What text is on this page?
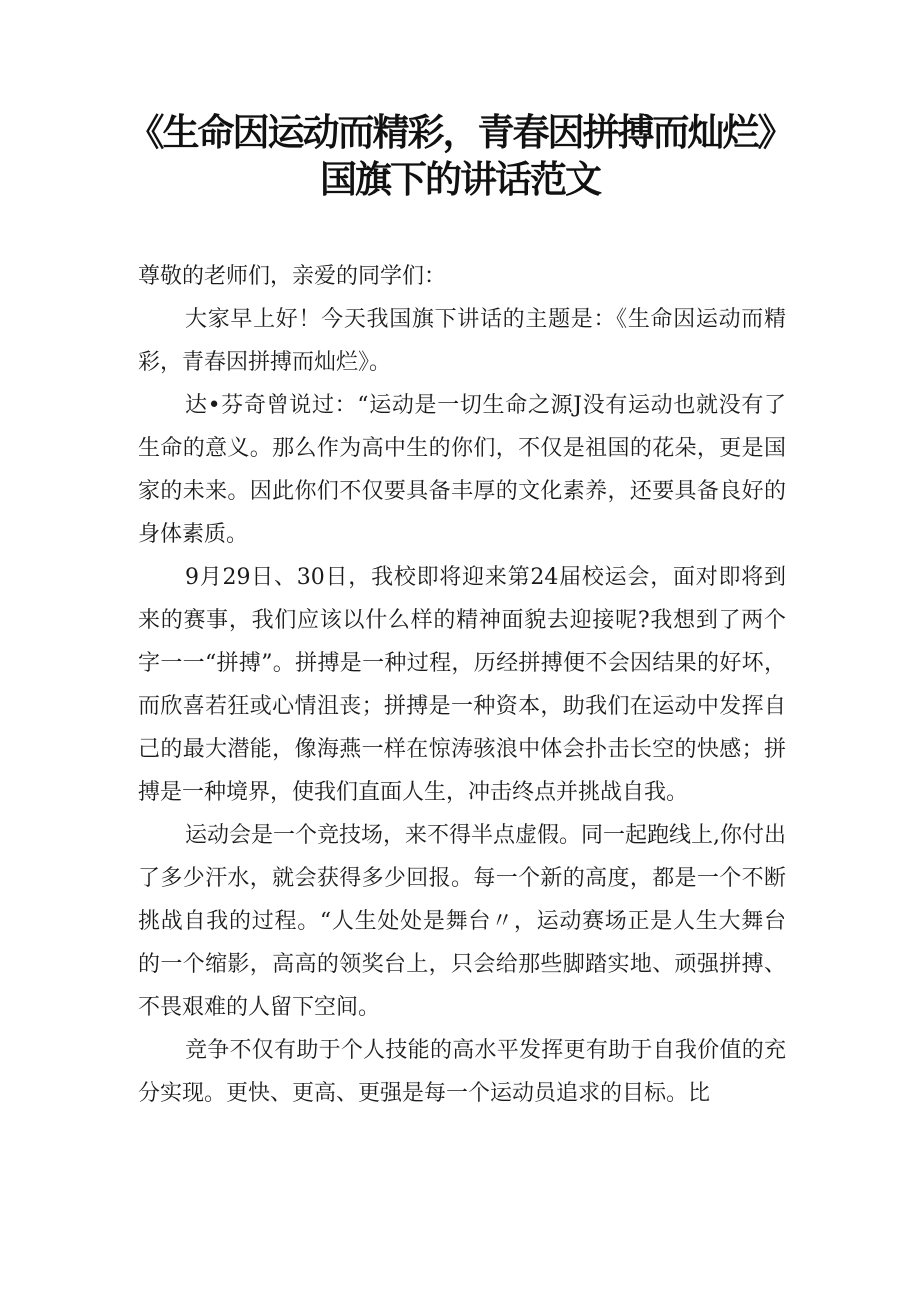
《生命因运动而精彩，青春因拼搏而灿烂》
国旗下的讲话范文

尊敬的老师们，亲爱的同学们：

大家早上好！今天我国旗下讲话的主题是：《生命因运动而精彩，青春因拼搏而灿烂》。

达•芬奇曾说过：“运动是一切生命之源J没有运动也就没有了生命的意义。那么作为高中生的你们，不仅是祖国的花朵，更是国家的未来。因此你们不仅要具备丰厚的文化素养，还要具备良好的身体素质。

9月29日、30日，我校即将迎来第24届校运会，面对即将到来的赛事，我们应该以什么样的精神面貌去迎接呢?我想到了两个字一一“拼搏”。拼搏是一种过程，历经拼搏便不会因结果的好坏，而欣喜若狂或心情沮丧；拼搏是一种资本，助我们在运动中发挥自己的最大潜能，像海燕一样在惊涛骇浪中体会扑击长空的快感；拼搏是一种境界，使我们直面人生，冲击终点并挑战自我。

运动会是一个竞技场，来不得半点虚假。同一起跑线上,你付出了多少汗水，就会获得多少回报。每一个新的高度，都是一个不断挑战自我的过程。“人生处处是舞台〃，运动赛场正是人生大舞台的一个缩影，高高的领奖台上，只会给那些脚踏实地、顽强拼搏、不畏艰难的人留下空间。

竞争不仅有助于个人技能的高水平发挥更有助于自我价值的充分实现。更快、更高、更强是每一个运动员追求的目标。比
